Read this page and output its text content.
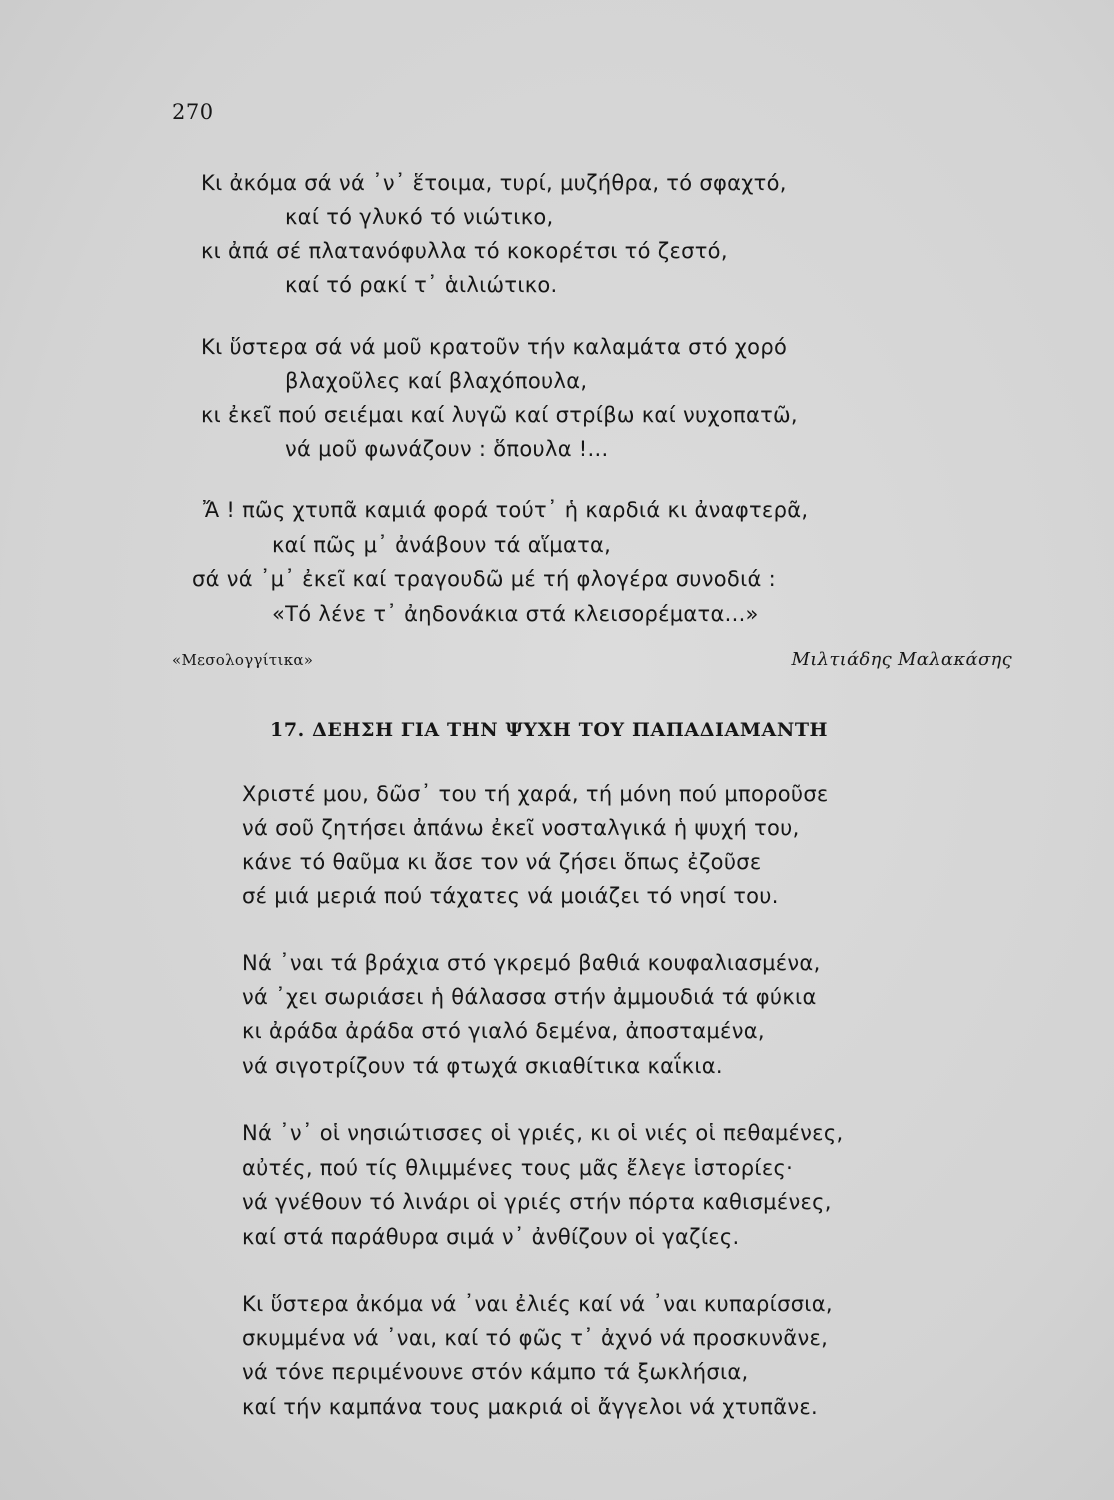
270
Κι ἀκόμα σά νά ᾿ν᾿ ἕτοιμα, τυρί, μυζήθρα, τό σφαχτό,
καί τό γλυκό τό νιώτικο,
κι ἀπά σέ πλατανόφυλλα τό κοκορέτσι τό ζεστό,
καί τό ρακί τ᾿ ἁιλιώτικο.
Κι ὕστερα σά νά μοῦ κρατοῦν τήν καλαμάτα στό χορό
βλαχοῦλες καί βλαχόπουλα,
κι ἐκεῖ πού σειέμαι καί λυγῶ καί στρίβω καί νυχοπατῶ,
νά μοῦ φωνάζουν : ὅπουλα !...
Ἄ ! πῶς χτυπᾶ καμιά φορά τούτ᾿ ἡ καρδιά κι ἀναφτερᾶ,
καί πῶς μ᾿ ἀνάβουν τά αἵματα,
σά νά ᾿μ᾿ ἐκεῖ καί τραγουδῶ μέ τή φλογέρα συνοδιά :
«Τό λένε τ᾿ ἀηδονάκια στά κλεισορέματα...»
«Μεσολογγίτικα»	Μιλτιάδης Μαλακάσης
17. ΔΕΗΣΗ ΓΙΑ ΤΗΝ ΨΥΧΗ ΤΟΥ ΠΑΠΑΔΙΑΜΑΝΤΗ
Χριστέ μου, δῶσ᾿ του τή χαρά, τή μόνη πού μποροῦσε
νά σοῦ ζητήσει ἀπάνω ἐκεῖ νοσταλγικά ἡ ψυχή του,
κάνε τό θαῦμα κι ἄσε τον νά ζήσει ὅπως ἐζοῦσε
σέ μιά μεριά πού τάχατες νά μοιάζει τό νησί του.
Νά ᾿ναι τά βράχια στό γκρεμό βαθιά κουφαλιασμένα,
νά ᾿χει σωριάσει ἡ θάλασσα στήν ἀμμουδιά τά φύκια
κι ἀράδα ἀράδα στό γιαλό δεμένα, ἀποσταμένα,
νά σιγοτρίζουν τά φτωχά σκιαθίτικα καΐκια.
Νά ᾿ν᾿ οἱ νησιώτισσες οἱ γριές, κι οἱ νιές οἱ πεθαμένες,
αὐτές, πού τίς θλιμμένες τους μᾶς ἔλεγε ἱστορίες·
νά γνέθουν τό λινάρι οἱ γριές στήν πόρτα καθισμένες,
καί στά παράθυρα σιμά ν᾿ ἀνθίζουν οἱ γαζίες.
Κι ὕστερα ἀκόμα νά ᾿ναι ἐλιές καί νά ᾿ναι κυπαρίσσια,
σκυμμένα νά ᾿ναι, καί τό φῶς τ᾿ ἀχνό νά προσκυνᾶνε,
νά τόνε περιμένουνε στόν κάμπο τά ξωκλήσια,
καί τήν καμπάνα τους μακριά οἱ ἄγγελοι νά χτυπᾶνε.
